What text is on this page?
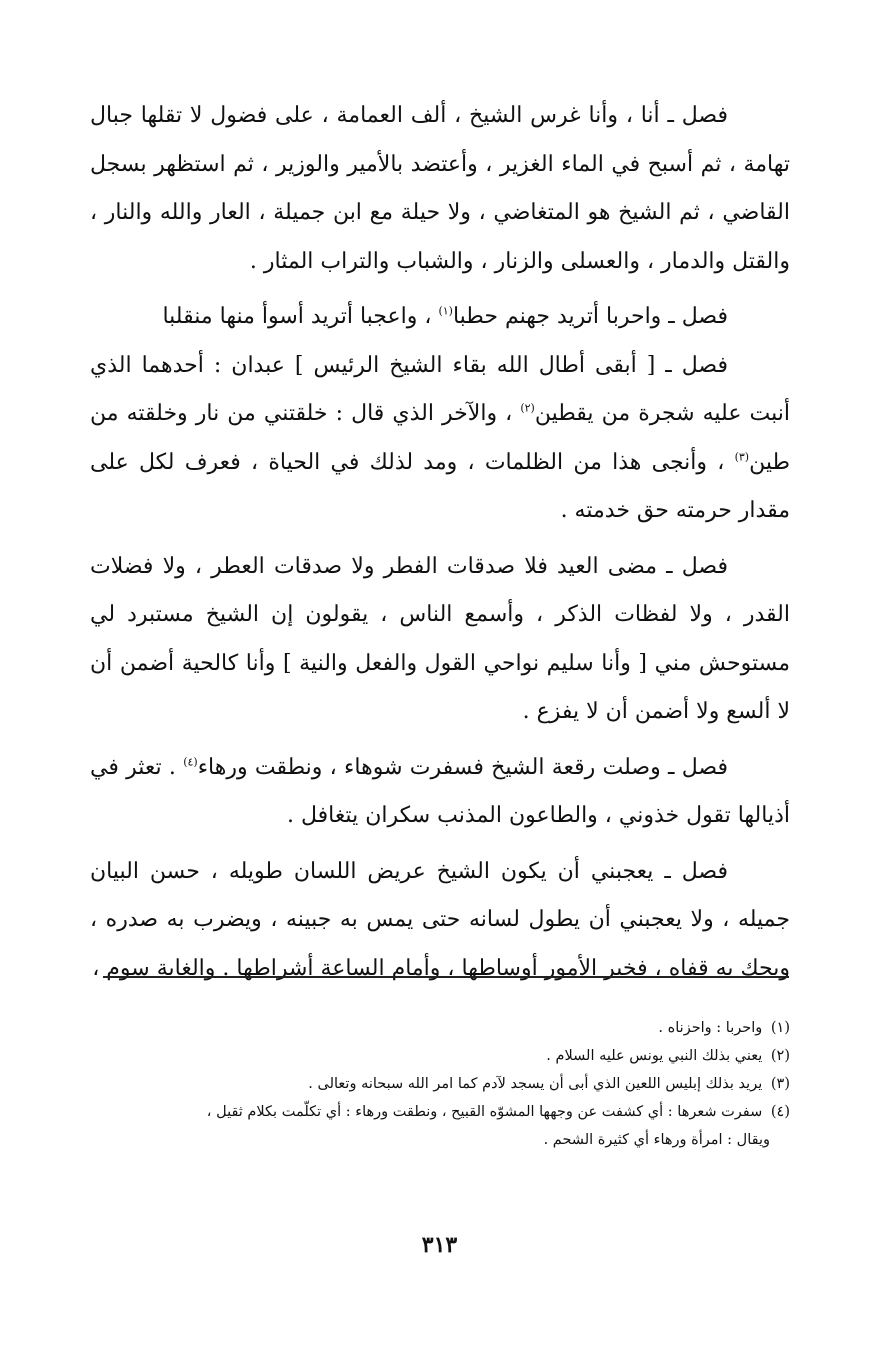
فصل ـ أنا ، وأنا غرس الشيخ ، ألف العمامة ، على فضول لا تقلها جبال تهامة ، ثم أسبح في الماء الغزير ، وأعتضد بالأمير والوزير ، ثم استظهر بسجل القاضي ، ثم الشيخ هو المتغاضي ، ولا حيلة مع ابن جميلة ، العار والله والنار ، والقتل والدمار ، والعسلى والزنار ، والشباب والتراب المثار .

فصل ـ واحربا أتريد جهنم حطبا$^{(١)}$ ، واعجبا أتريد أسوأ منها منقلبا

فصل ـ [ أبقى أطال الله بقاء الشيخ الرئيس ] عبدان : أحدهما الذي أنبت عليه شجرة من يقطين$^{(٢)}$ ، والآخر الذي قال : خلقتني من نار وخلقته من طين$^{(٣)}$ ، وأنجى هذا من الظلمات ، ومد لذلك في الحياة ، فعرف لكل على مقدار حرمته حق خدمته .

فصل ـ مضى العيد فلا صدقات الفطر ولا صدقات العطر ، ولا فضلات القدر ، ولا لفظات الذكر ، وأسمع الناس ، يقولون إن الشيخ مستبرد لي مستوحش مني [ وأنا سليم نواحي القول والفعل والنية ] وأنا كالحية أضمن أن لا ألسع ولا أضمن أن لا يفزع .

فصل ـ وصلت رقعة الشيخ فسفرت شوهاء ، ونطقت ورهاء$^{(٤)}$ . تعثر في أذيالها تقول خذوني ، والطاعون المذنب سكران يتغافل .

فصل ـ يعجبني أن يكون الشيخ عريض اللسان طويله ، حسن البيان جميله ، ولا يعجبني أن يطول لسانه حتى يمس به جبينه ، ويضرب به صدره ، ويحك به قفاه ، فخير الأمور أوساطها ، وأمام الساعة أشراطها . والغاية سوم ،

(١) واحربا : واحزناه .

(٢) يعني بذلك النبي يونس عليه السلام .

(٣) يريد بذلك إبليس اللعين الذي أبى أن يسجد لآدم كما امر الله سبحانه وتعالى .

(٤) سفرت شعرها : أي كشفت عن وجهها المشوّه القبيح ، ونطقت ورهاء : أي تكلّمت بكلام ثقيل ،

ويقال : امرأة ورهاء أي كثيرة الشحم .

٣١٣
